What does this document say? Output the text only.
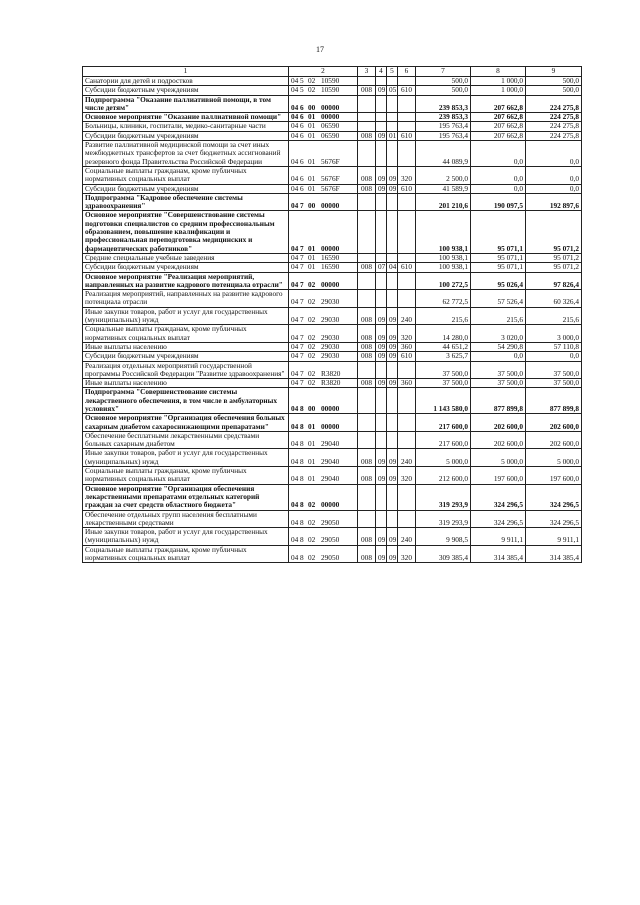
17
1	2	3	4	5	6	7	8	9
Санатории для детей и подростков	04 5 02 10590					500,0	1 000,0	500,0
Субсидии бюджетным учреждениям	04 5 02 10590	008	09	05	610	500,0	1 000,0	500,0
Подпрограмма "Оказание паллиативной помощи, в том числе детям"	04 6 00 00000					239 853,3	207 662,8	224 275,8
Основное мероприятие "Оказание паллиативной помощи"	04 6 01 00000					239 853,3	207 662,8	224 275,8
Больницы, клиники, госпитали, медико-санитарные части	04 6 01 06590					195 763,4	207 662,8	224 275,8
Субсидии бюджетным учреждениям	04 6 01 06590	008	09	01	610	195 763,4	207 662,8	224 275,8
Развитие паллиативной медицинской помощи за счет иных межбюджетных трансфертов за счет бюджетных ассигнований резервного фонда Правительства Российской Федерации	04 6 01 5676F					44 089,9	0,0	0,0
Социальные выплаты гражданам, кроме публичных нормативных социальных выплат	04 6 01 5676F	008	09	09	320	2 500,0	0,0	0,0
Субсидии бюджетным учреждениям	04 6 01 5676F	008	09	09	610	41 589,9	0,0	0,0
Подпрограмма "Кадровое обеспечение системы здравоохранения"	04 7 00 00000					201 210,6	190 097,5	192 897,6
Основное мероприятие "Совершенствование системы подготовки специалистов со средним профессиональным образованием, повышение квалификации и профессиональная переподготовка медицинских и фармацевтических работников"	04 7 01 00000					100 938,1	95 071,1	95 071,2
Средние специальные учебные заведения	04 7 01 16590					100 938,1	95 071,1	95 071,2
Субсидии бюджетным учреждениям	04 7 01 16590	008	07	04	610	100 938,1	95 071,1	95 071,2
Основное мероприятие "Реализация мероприятий, направленных на развитие кадрового потенциала отрасли"	04 7 02 00000					100 272,5	95 026,4	97 826,4
Реализация мероприятий, направленных на развитие кадрового потенциала отрасли	04 7 02 29030					62 772,5	57 526,4	60 326,4
Иные закупки товаров, работ и услуг для государственных (муниципальных) нужд	04 7 02 29030	008	09	09	240	215,6	215,6	215,6
Социальные выплаты гражданам, кроме публичных нормативных социальных выплат	04 7 02 29030	008	09	09	320	14 280,0	3 020,0	3 000,0
Иные выплаты населению	04 7 02 29030	008	09	09	360	44 651,2	54 290,8	57 110,8
Субсидии бюджетным учреждениям	04 7 02 29030	008	09	09	610	3 625,7	0,0	0,0
Реализация отдельных мероприятий государственной программы Российской Федерации "Развитие здравоохранения"	04 7 02 R3820					37 500,0	37 500,0	37 500,0
Иные выплаты населению	04 7 02 R3820	008	09	09	360	37 500,0	37 500,0	37 500,0
Подпрограмма "Совершенствование системы лекарственного обеспечения, в том числе в амбулаторных условиях"	04 8 00 00000					1 143 580,0	877 899,8	877 899,8
Основное мероприятие "Организация обеспечения больных сахарным диабетом сахароснижающими препаратами"	04 8 01 00000					217 600,0	202 600,0	202 600,0
Обеспечение бесплатными лекарственными средствами больных сахарным диабетом	04 8 01 29040					217 600,0	202 600,0	202 600,0
Иные закупки товаров, работ и услуг для государственных (муниципальных) нужд	04 8 01 29040	008	09	09	240	5 000,0	5 000,0	5 000,0
Социальные выплаты гражданам, кроме публичных нормативных социальных выплат	04 8 01 29040	008	09	09	320	212 600,0	197 600,0	197 600,0
Основное мероприятие "Организация обеспечения лекарственными препаратами отдельных категорий граждан за счет средств областного бюджета"	04 8 02 00000					319 293,9	324 296,5	324 296,5
Обеспечение отдельных групп населения бесплатными лекарственными средствами	04 8 02 29050					319 293,9	324 296,5	324 296,5
Иные закупки товаров, работ и услуг для государственных (муниципальных) нужд	04 8 02 29050	008	09	09	240	9 908,5	9 911,1	9 911,1
Социальные выплаты гражданам, кроме публичных нормативных социальных выплат	04 8 02 29050	008	09	09	320	309 385,4	314 385,4	314 385,4
